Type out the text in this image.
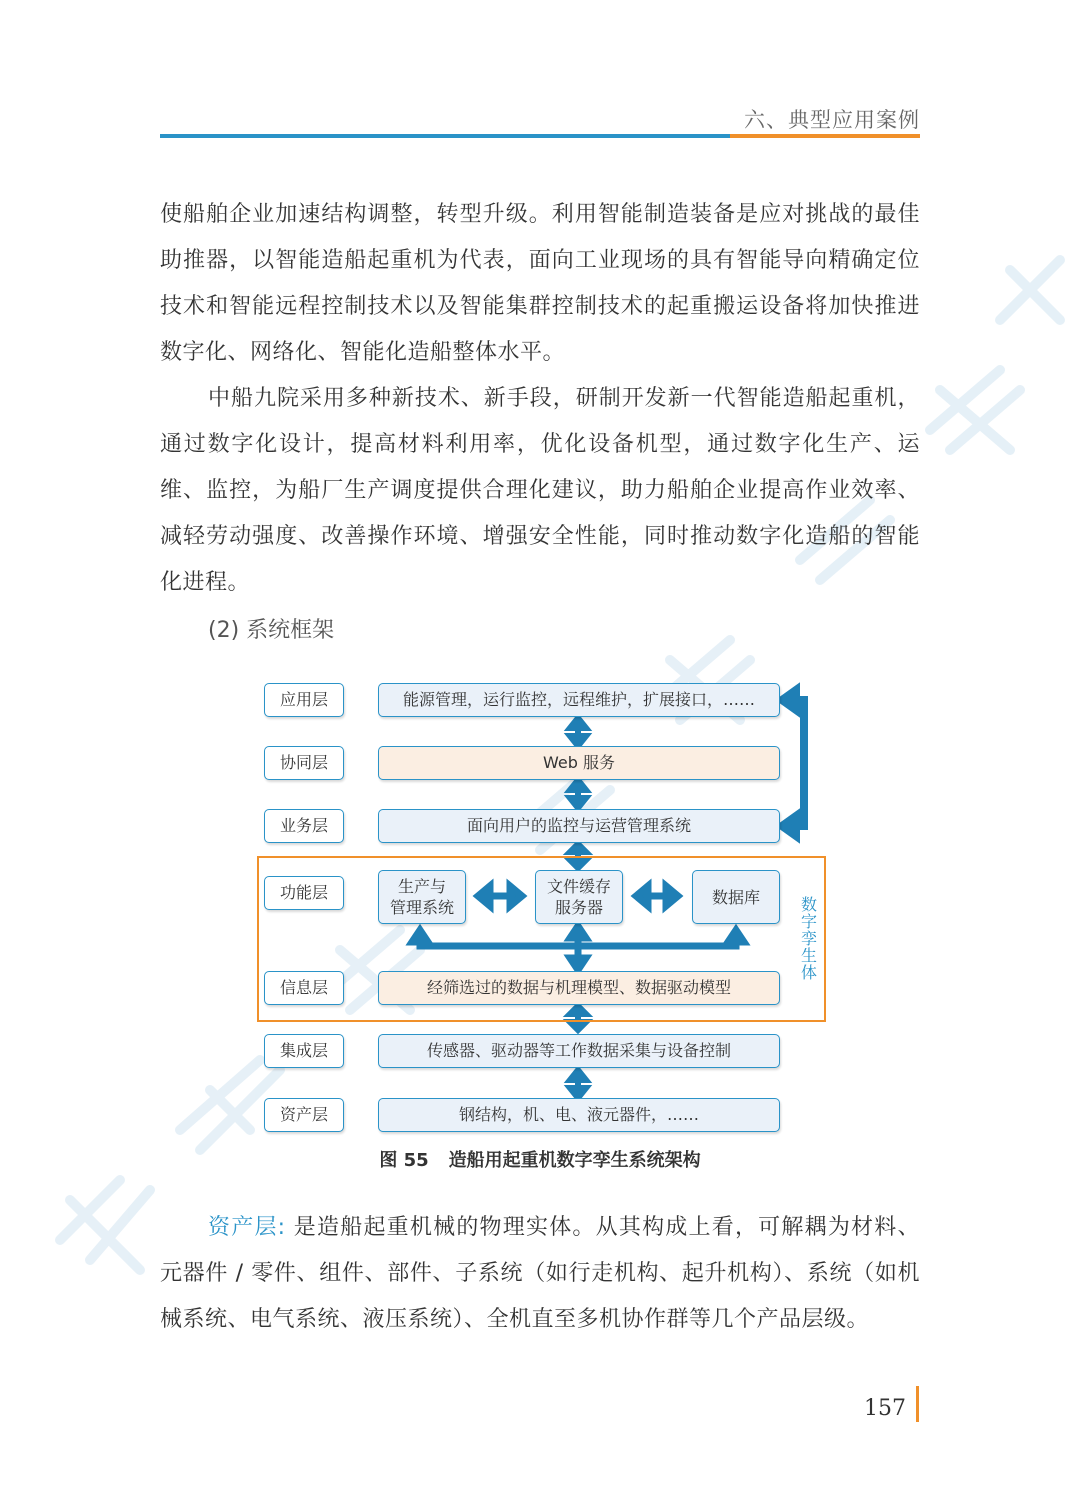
六、典型应用案例

使船舶企业加速结构调整，转型升级。利用智能制造装备是应对挑战的最佳助推器，以智能造船起重机为代表，面向工业现场的具有智能导向精确定位技术和智能远程控制技术以及智能集群控制技术的起重搬运设备将加快推进数字化、网络化、智能化造船整体水平。

中船九院采用多种新技术、新手段，研制开发新一代智能造船起重机，通过数字化设计，提高材料利用率，优化设备机型，通过数字化生产、运维、监控，为船厂生产调度提供合理化建议，助力船舶企业提高作业效率、减轻劳动强度、改善操作环境、增强安全性能，同时推动数字化造船的智能化进程。

(2) 系统框架
应用层
协同层
业务层
功能层
信息层
集成层
资产层
能源管理，运行监控，远程维护，扩展接口，……
Web 服务
面向用户的监控与运营管理系统
经筛选过的数据与机理模型、数据驱动模型
传感器、驱动器等工作数据采集与设备控制
钢结构，机、电、液元器件，……
生产与
管理系统
文件缓存
服务器
数据库	数字孪生体
图 55 造船用起重机数字孪生系统架构

资产层: 是造船起重机械的物理实体。从其构成上看，可解耦为材料、元器件 / 零件、组件、部件、子系统（如行走机构、起升机构）、系统（如机械系统、电气系统、液压系统）、全机直至多机协作群等几个产品层级。

157
